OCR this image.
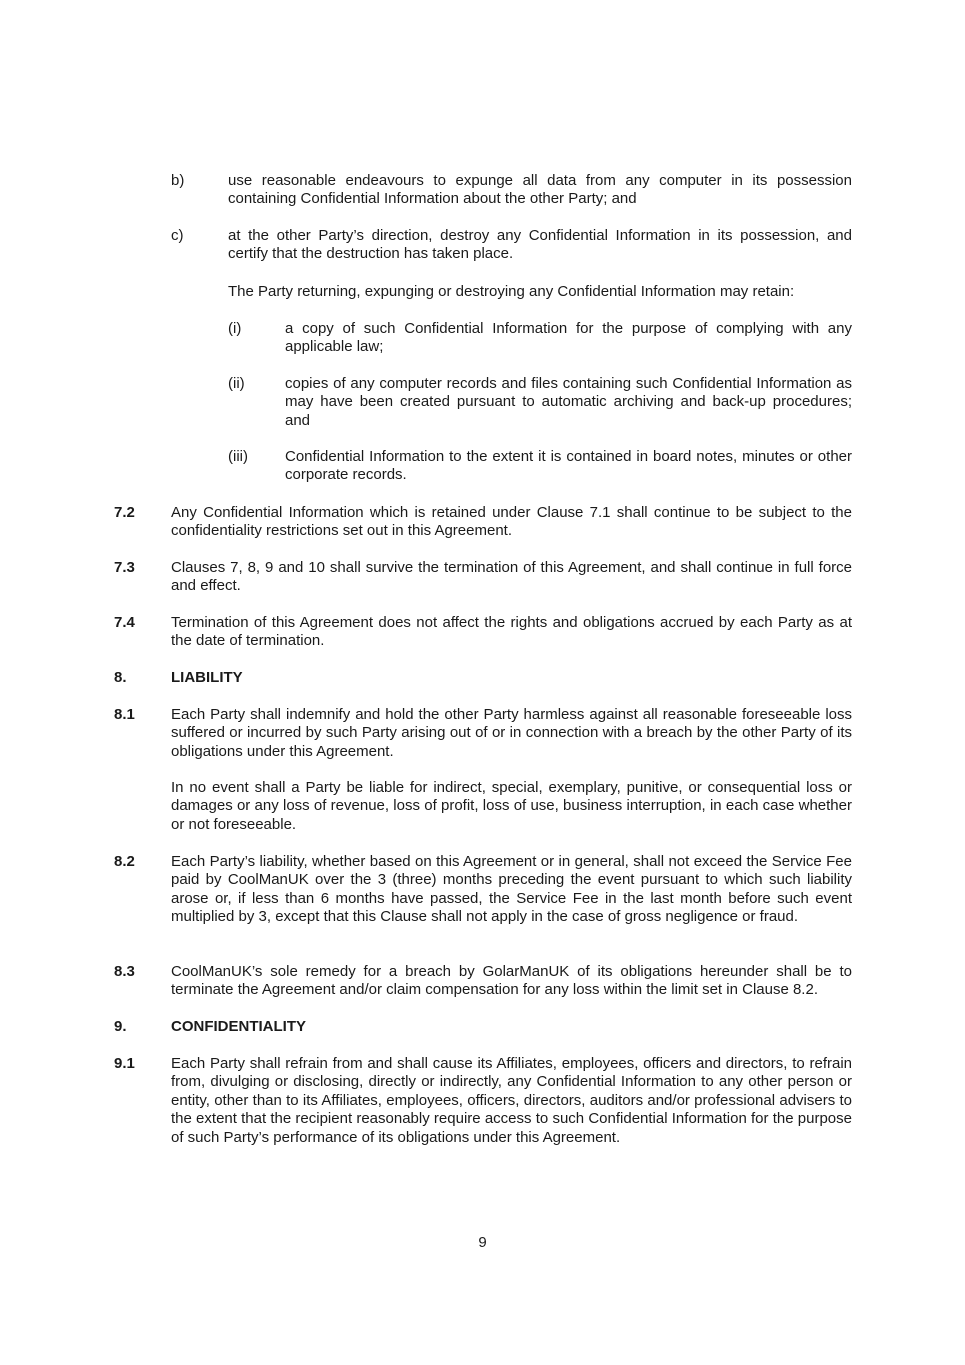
b)	use reasonable endeavours to expunge all data from any computer in its possession containing Confidential Information about the other Party; and
c)	at the other Party’s direction, destroy any Confidential Information in its possession, and certify that the destruction has taken place.
The Party returning, expunging or destroying any Confidential Information may retain:
(i)	a copy of such Confidential Information for the purpose of complying with any applicable law;
(ii)	copies of any computer records and files containing such Confidential Information as may have been created pursuant to automatic archiving and back-up procedures; and
(iii) Confidential Information to the extent it is contained in board notes, minutes or other corporate records.
7.2 Any Confidential Information which is retained under Clause 7.1 shall continue to be subject to the confidentiality restrictions set out in this Agreement.
7.3 Clauses 7, 8, 9 and 10 shall survive the termination of this Agreement, and shall continue in full force and effect.
7.4 Termination of this Agreement does not affect the rights and obligations accrued by each Party as at the date of termination.
8.	LIABILITY
8.1 Each Party shall indemnify and hold the other Party harmless against all reasonable foreseeable loss suffered or incurred by such Party arising out of or in connection with a breach by the other Party of its obligations under this Agreement.
In no event shall a Party be liable for indirect, special, exemplary, punitive, or consequential loss or damages or any loss of revenue, loss of profit, loss of use, business interruption, in each case whether or not foreseeable.
8.2 Each Party’s liability, whether based on this Agreement or in general, shall not exceed the Service Fee paid by CoolManUK over the 3 (three) months preceding the event pursuant to which such liability arose or, if less than 6 months have passed, the Service Fee in the last month before such event multiplied by 3, except that this Clause shall not apply in the case of gross negligence or fraud.
8.3 CoolManUK’s sole remedy for a breach by GolarManUK of its obligations hereunder shall be to terminate the Agreement and/or claim compensation for any loss within the limit set in Clause 8.2.
9.	CONFIDENTIALITY
9.1 Each Party shall refrain from and shall cause its Affiliates, employees, officers and directors, to refrain from, divulging or disclosing, directly or indirectly, any Confidential Information to any other person or entity, other than to its Affiliates, employees, officers, directors, auditors and/or professional advisers to the extent that the recipient reasonably require access to such Confidential Information for the purpose of such Party’s performance of its obligations under this Agreement.
9
